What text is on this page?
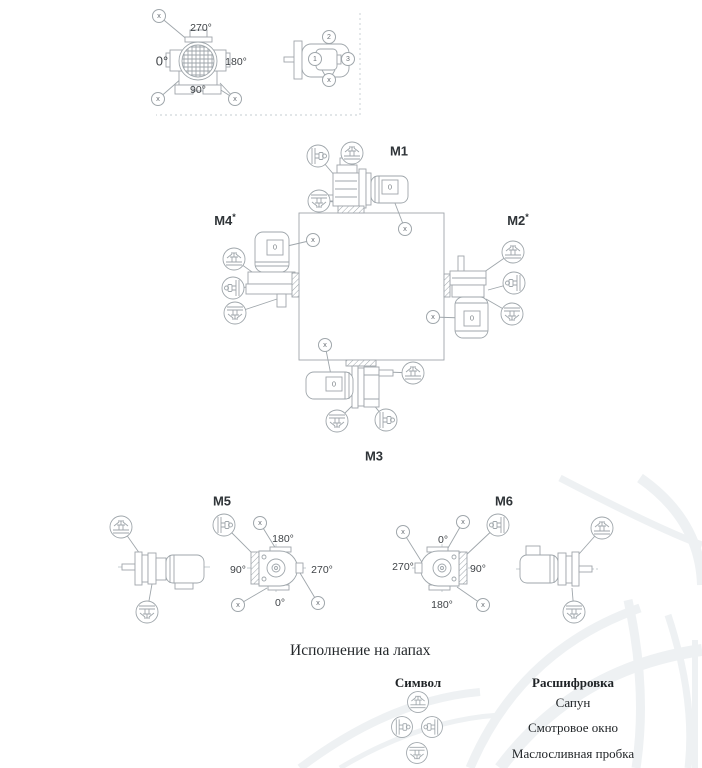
270°
0°	180°
90°
1
2
3
x
x	x
x
x
x
x
x
x
x	x
x
x
x
0
0
0
0
M1
M2*
M3
M4*
M5	M6
180°
90°	270°
0°
0°
270°	90°
180°
Исполнение на лапах
Символ	Расшифровка
Сапун
Смотровое окно
Маслосливная пробка
